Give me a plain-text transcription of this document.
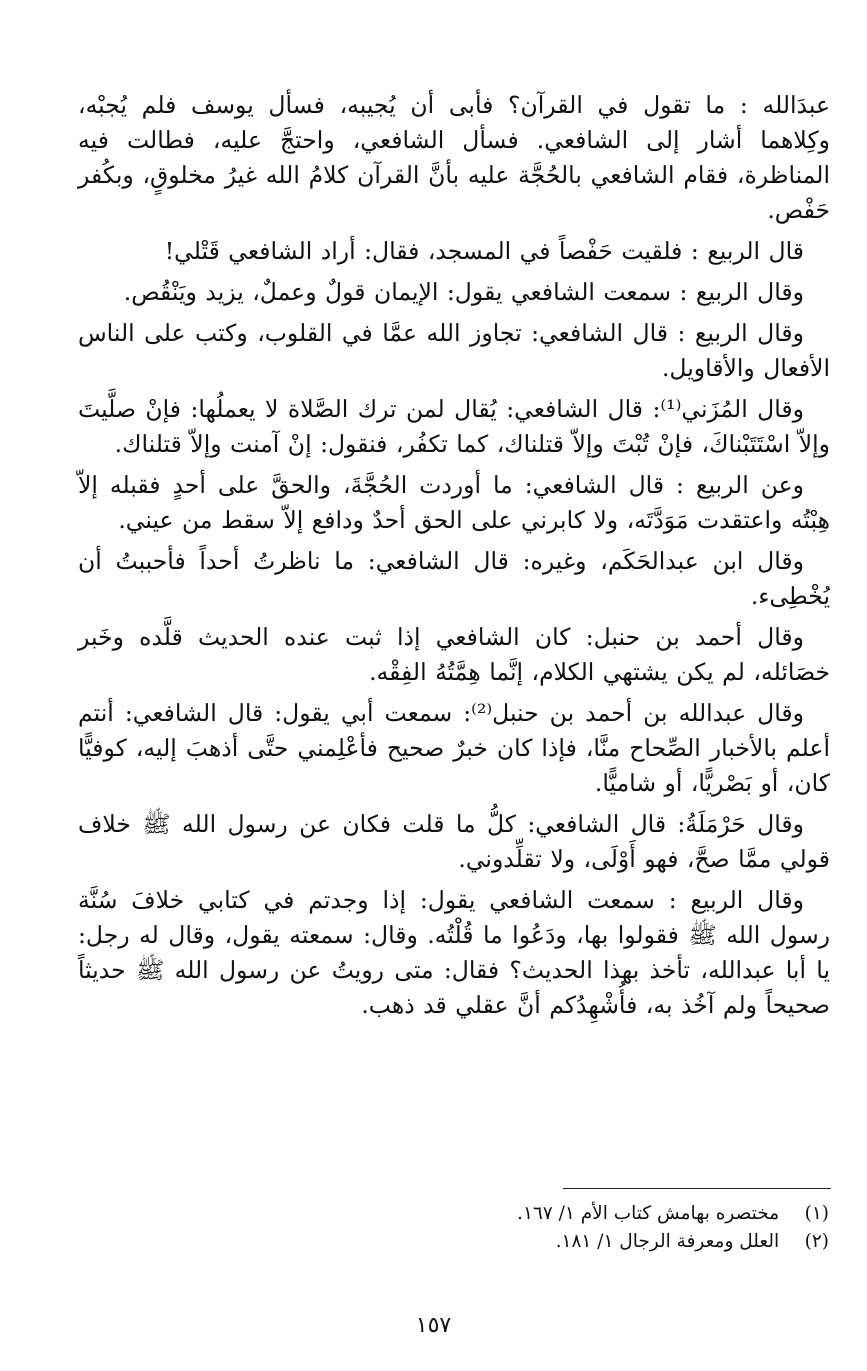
عبدَالله : ما تقول في القرآن؟ فأبى أن يُجيبه، فسأل يوسف فلم يُجبْه، وكِلاهما أشار إلى الشافعي. فسأل الشافعي، واحتجَّ عليه، فطالت فيه المناظرة، فقام الشافعي بالحُجَّة عليه بأنَّ القرآن كلامُ الله غيرُ مخلوقٍ، وبكُفر حَفْص.

قال الربيع : فلقيت حَفْصاً في المسجد، فقال: أراد الشافعي قَتْلي!

وقال الربيع : سمعت الشافعي يقول: الإيمان قولٌ وعملٌ، يزيد ويَنْقُص.

وقال الربيع : قال الشافعي: تجاوز الله عمَّا في القلوب، وكتب على الناس الأفعال والأقاويل.

وقال المُزَني⁽¹⁾: قال الشافعي: يُقال لمن ترك الصَّلاة لا يعملُها: فإنْ صلَّيتَ وإلاّ اسْتَتَبْناكَ، فإنْ تُبْتَ وإلاّ قتلناك، كما تكفُر، فنقول: إنْ آمنت وإلاّ قتلناك.

وعن الربيع : قال الشافعي: ما أوردت الحُجَّةَ، والحقَّ على أحدٍ فقبله إلاّ هِبْتُه واعتقدت مَوَدَّتَه، ولا كابرني على الحق أحدٌ ودافع إلاّ سقط من عيني.

وقال ابن عبدالحَكَم، وغيره: قال الشافعي: ما ناظرتُ أحداً فأحببتُ أن يُخْطِىء.

وقال أحمد بن حنبل: كان الشافعي إذا ثبت عنده الحديث قلَّده وخَبر خصَائله، لم يكن يشتهي الكلام، إنَّما هِمَّتُهُ الفِقْه.

وقال عبدالله بن أحمد بن حنبل⁽²⁾: سمعت أبي يقول: قال الشافعي: أنتم أعلم بالأخبار الصِّحاح منَّا، فإذا كان خبرٌ صحيح فأعْلِمني حتَّى أذهبَ إليه، كوفيًّا كان، أو بَصْريًّا، أو شاميًّا.

وقال حَرْمَلَةُ: قال الشافعي: كلُّ ما قلت فكان عن رسول الله ﷺ خلاف قولي ممَّا صحَّ، فهو أَوْلَى، ولا تقلِّدوني.

وقال الربيع : سمعت الشافعي يقول: إذا وجدتم في كتابي خلافَ سُنَّة رسول الله ﷺ فقولوا بها، ودَعُوا ما قُلْتُه. وقال: سمعته يقول، وقال له رجل: يا أبا عبدالله، تأخذ بهذا الحديث؟ فقال: متى رويتُ عن رسول الله ﷺ حديثاً صحيحاً ولم آخُذ به، فأُشْهِدُكم أنَّ عقلي قد ذهب.

(١) مختصره بهامش كتاب الأم ١/ ١٦٧.

(٢) العلل ومعرفة الرجال ١/ ١٨١.

١٥٧
